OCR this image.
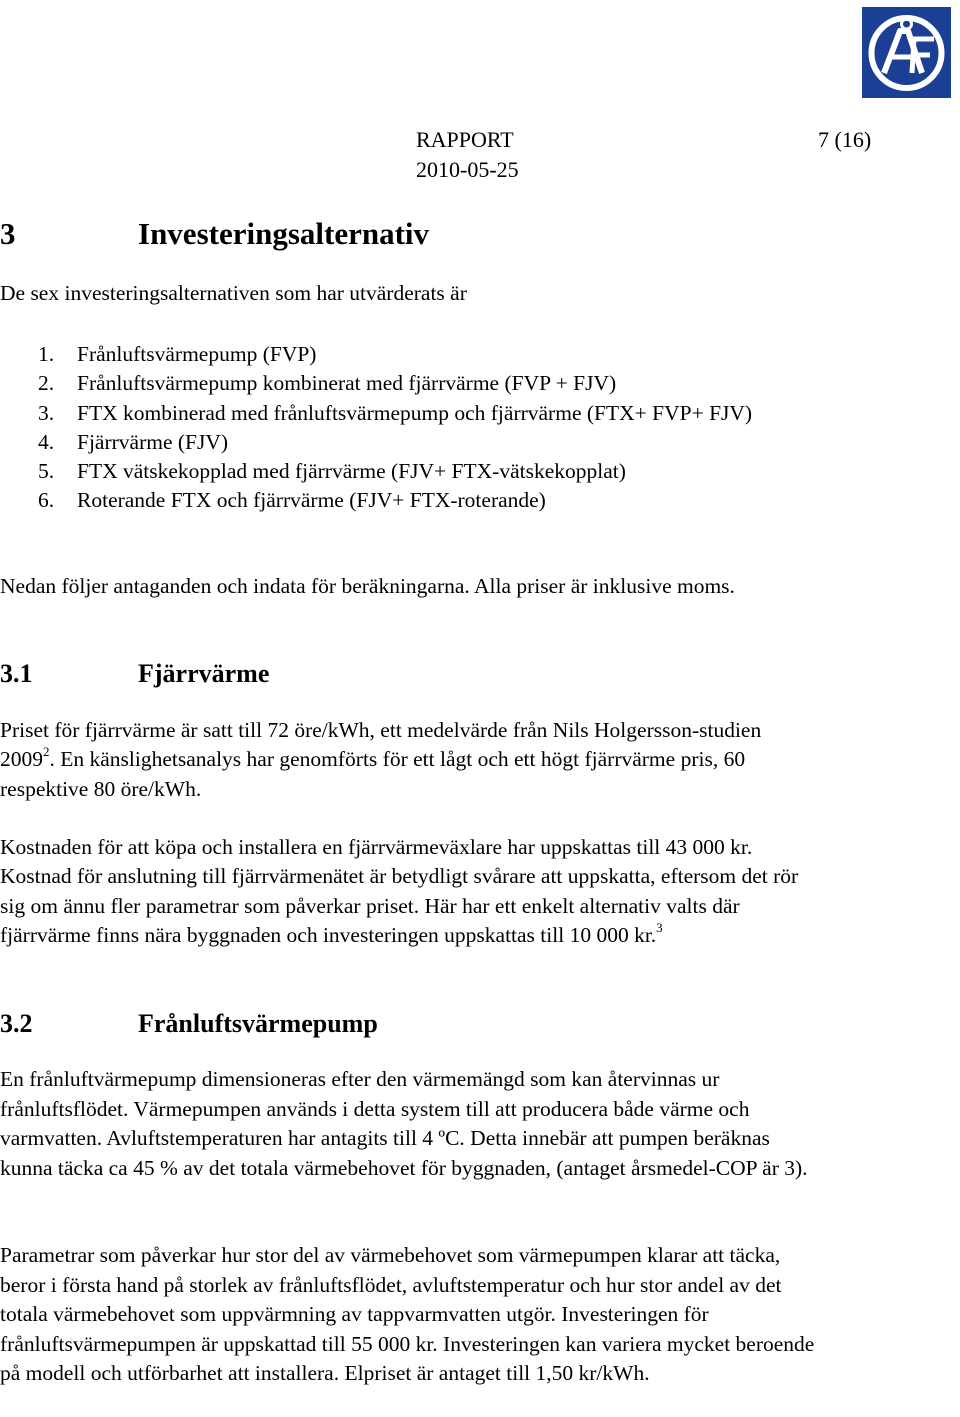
RAPPORT
2010-05-25
7 (16)
3	Investeringsalternativ

De sex investeringsalternativen som har utvärderats är

1. Frånluftsvärmepump (FVP)
2. Frånluftsvärmepump kombinerat med fjärrvärme (FVP + FJV)
3. FTX kombinerad med frånluftsvärmepump och fjärrvärme (FTX+ FVP+ FJV)
4. Fjärrvärme (FJV)
5. FTX vätskekopplad med fjärrvärme (FJV+ FTX-vätskekopplat)
6. Roterande FTX och fjärrvärme (FJV+ FTX-roterande)

Nedan följer antaganden och indata för beräkningarna. Alla priser är inklusive moms.

3.1	Fjärrvärme

Priset för fjärrvärme är satt till 72 öre/kWh, ett medelvärde från Nils Holgersson-studien 2009$^2$. En känslighetsanalys har genomförts för ett lågt och ett högt fjärrvärme pris, 60 respektive 80 öre/kWh.

Kostnaden för att köpa och installera en fjärrvärmeväxlare har uppskattas till 43 000 kr. Kostnad för anslutning till fjärrvärmenätet är betydligt svårare att uppskatta, eftersom det rör sig om ännu fler parametrar som påverkar priset. Här har ett enkelt alternativ valts där fjärrvärme finns nära byggnaden och investeringen uppskattas till 10 000 kr.$^3$

3.2	Frånluftsvärmepump

En frånluftvärmepump dimensioneras efter den värmemängd som kan återvinnas ur frånluftsflödet. Värmepumpen används i detta system till att producera både värme och varmvatten. Avluftstemperaturen har antagits till 4 ºC. Detta innebär att pumpen beräknas kunna täcka ca 45 % av det totala värmebehovet för byggnaden, (antaget årsmedel-COP är 3).

Parametrar som påverkar hur stor del av värmebehovet som värmepumpen klarar att täcka, beror i första hand på storlek av frånluftsflödet, avluftstemperatur och hur stor andel av det totala värmebehovet som uppvärmning av tappvarmvatten utgör. Investeringen för frånluftsvärmepumpen är uppskattad till 55 000 kr. Investeringen kan variera mycket beroende på modell och utförbarhet att installera. Elpriset är antaget till 1,50 kr/kWh.
